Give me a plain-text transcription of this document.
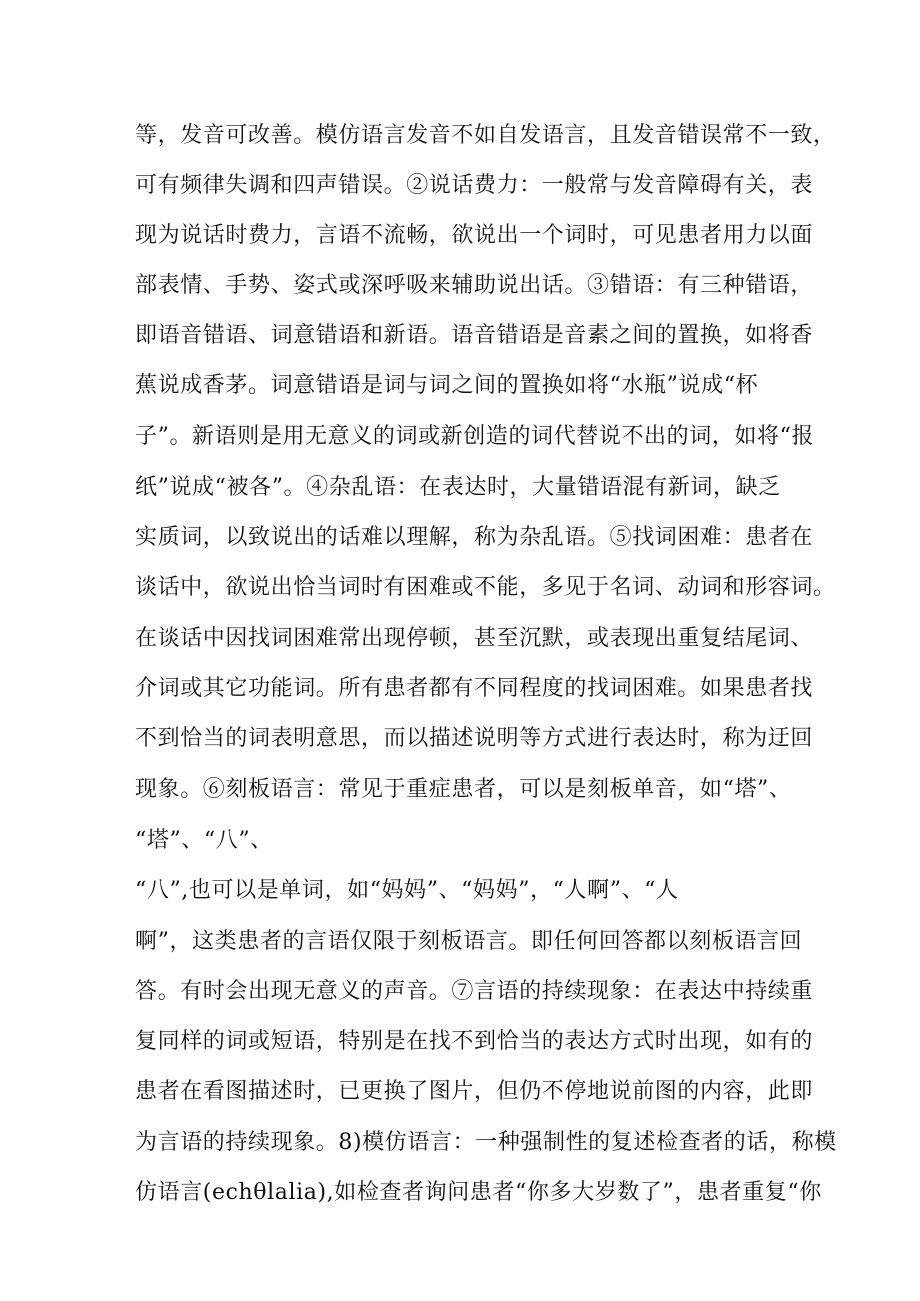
等，发音可改善。模仿语言发音不如自发语言，且发音错误常不一致，
可有频律失调和四声错误。②说话费力：一般常与发音障碍有关，表
现为说话时费力，言语不流畅，欲说出一个词时，可见患者用力以面
部表情、手势、姿式或深呼吸来辅助说出话。③错语：有三种错语，
即语音错语、词意错语和新语。语音错语是音素之间的置换，如将香
蕉说成香茅。词意错语是词与词之间的置换如将“水瓶”说成“杯
子”。新语则是用无意义的词或新创造的词代替说不出的词，如将“报
纸”说成“被各”。④杂乱语：在表达时，大量错语混有新词，缺乏
实质词，以致说出的话难以理解，称为杂乱语。⑤找词困难：患者在
谈话中，欲说出恰当词时有困难或不能，多见于名词、动词和形容词。
在谈话中因找词困难常出现停顿，甚至沉默，或表现出重复结尾词、
介词或其它功能词。所有患者都有不同程度的找词困难。如果患者找
不到恰当的词表明意思，而以描述说明等方式进行表达时，称为迂回
现象。⑥刻板语言：常见于重症患者，可以是刻板单音，如“塔”、
“塔”、“八”、
“八”,也可以是单词，如“妈妈”、“妈妈”，“人啊”、“人
啊”，这类患者的言语仅限于刻板语言。即任何回答都以刻板语言回
答。有时会出现无意义的声音。⑦言语的持续现象：在表达中持续重
复同样的词或短语，特别是在找不到恰当的表达方式时出现，如有的
患者在看图描述时，已更换了图片，但仍不停地说前图的内容，此即
为言语的持续现象。8)模仿语言：一种强制性的复述检查者的话，称模
仿语言(echθlalia),如检查者询问患者“你多大岁数了”，患者重复“你
